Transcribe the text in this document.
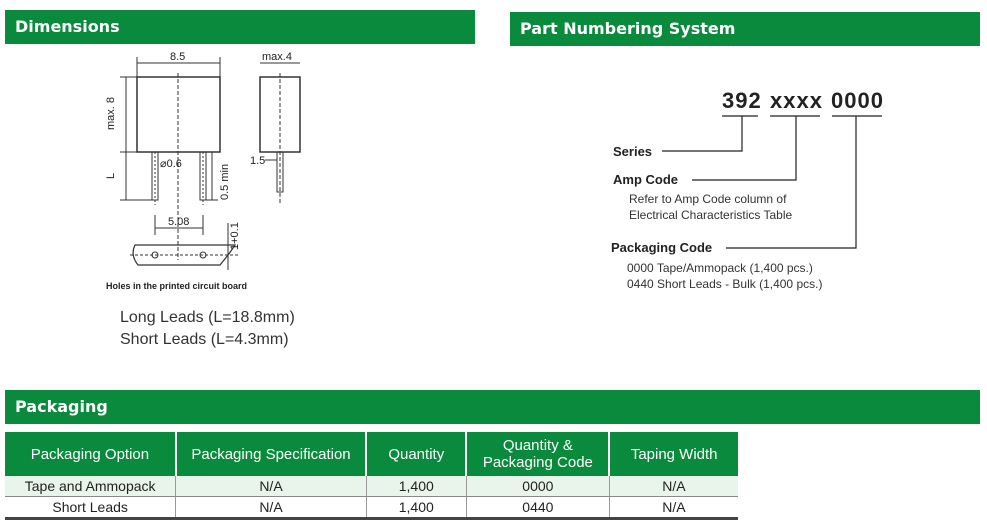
Dimensions	Part Numbering System
Packaging
8.5	max.4
max. 8
⌀0.6
L
1.5
0.5 min
5.08
1+0.1
Holes in the printed circuit board
Long Leads (L=18.8mm)
Short Leads (L=4.3mm)
392 xxxx 0000
Series
Amp Code
Refer to Amp Code column of
Electrical Characteristics Table
Packaging Code
0000 Tape/Ammopack (1,400 pcs.)
0440 Short Leads - Bulk (1,400 pcs.)
Packaging Option	Packaging Specification	Quantity	Quantity & Packaging Code	Taping Width
Tape and Ammopack	N/A	1,400	0000	N/A
Short Leads	N/A	1,400	0440	N/A
